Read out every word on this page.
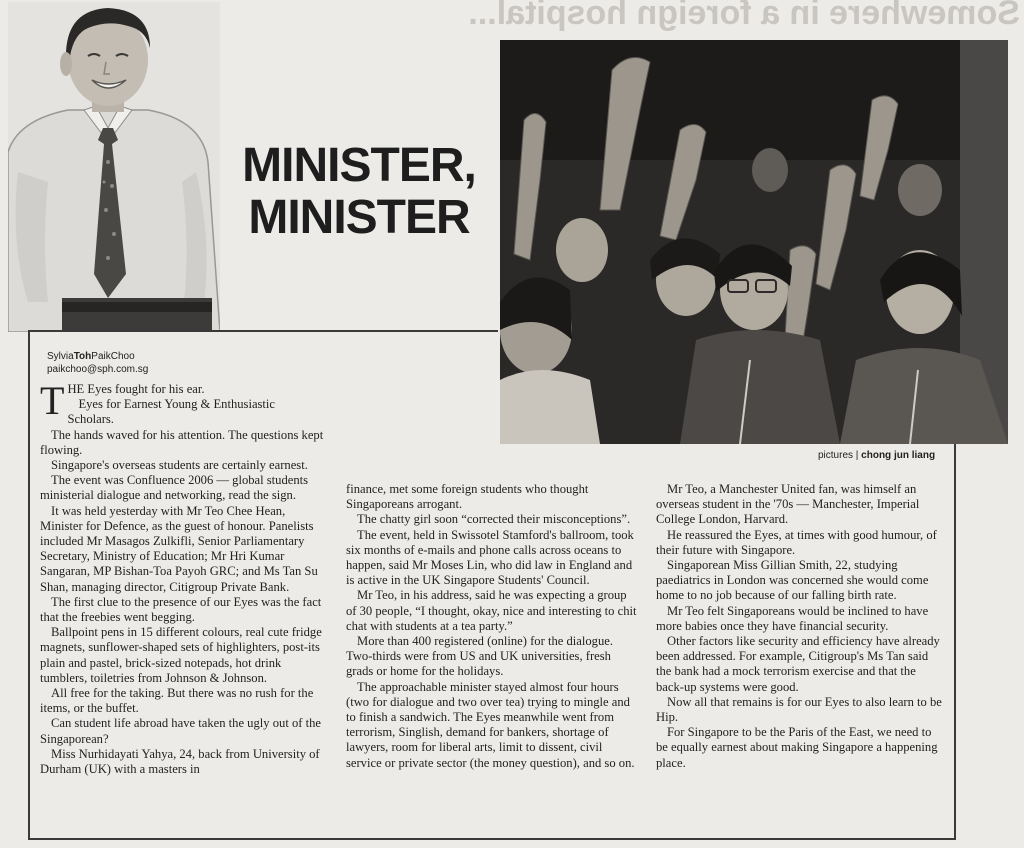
Somewhere in a foreign hospital...
MINISTER,
MINISTER
pictures | chong jun liang
SylviaTohPaikChoo
paikchoo@sph.com.sg

THE Eyes fought for his ear.
Eyes for Earnest Young & Enthusiastic Scholars.

The hands waved for his attention. The questions kept flowing.

Singapore's overseas students are certainly earnest.

The event was Confluence 2006 — global students ministerial dialogue and networking, read the sign.

It was held yesterday with Mr Teo Chee Hean, Minister for Defence, as the guest of honour. Panelists included Mr Masagos Zulkifli, Senior Parliamentary Secretary, Ministry of Education; Mr Hri Kumar Sangaran, MP Bishan-Toa Payoh GRC; and Ms Tan Su Shan, managing director, Citigroup Private Bank.

The first clue to the presence of our Eyes was the fact that the freebies went begging.

Ballpoint pens in 15 different colours, real cute fridge magnets, sunflower-shaped sets of highlighters, post-its plain and pastel, brick-sized notepads, hot drink tumblers, toiletries from Johnson & Johnson.

All free for the taking. But there was no rush for the items, or the buffet.

Can student life abroad have taken the ugly out of the Singaporean?

Miss Nurhidayati Yahya, 24, back from University of Durham (UK) with a masters in

finance, met some foreign students who thought Singaporeans arrogant.

The chatty girl soon “corrected their misconceptions”.

The event, held in Swissotel Stamford's ballroom, took six months of e-mails and phone calls across oceans to happen, said Mr Moses Lin, who did law in England and is active in the UK Singapore Students' Council.

Mr Teo, in his address, said he was expecting a group of 30 people, “I thought, okay, nice and interesting to chit chat with students at a tea party.”

More than 400 registered (online) for the dialogue. Two-thirds were from US and UK universities, fresh grads or home for the holidays.

The approachable minister stayed almost four hours (two for dialogue and two over tea) trying to mingle and to finish a sandwich. The Eyes meanwhile went from terrorism, Singlish, demand for bankers, shortage of lawyers, room for liberal arts, limit to dissent, civil service or private sector (the money question), and so on.

Mr Teo, a Manchester United fan, was himself an overseas student in the '70s — Manchester, Imperial College London, Harvard.

He reassured the Eyes, at times with good humour, of their future with Singapore.

Singaporean Miss Gillian Smith, 22, studying paediatrics in London was concerned she would come home to no job because of our falling birth rate.

Mr Teo felt Singaporeans would be inclined to have more babies once they have financial security.

Other factors like security and efficiency have already been addressed. For example, Citigroup's Ms Tan said the bank had a mock terrorism exercise and that the back-up systems were good.

Now all that remains is for our Eyes to also learn to be Hip.

For Singapore to be the Paris of the East, we need to be equally earnest about making Singapore a happening place.
